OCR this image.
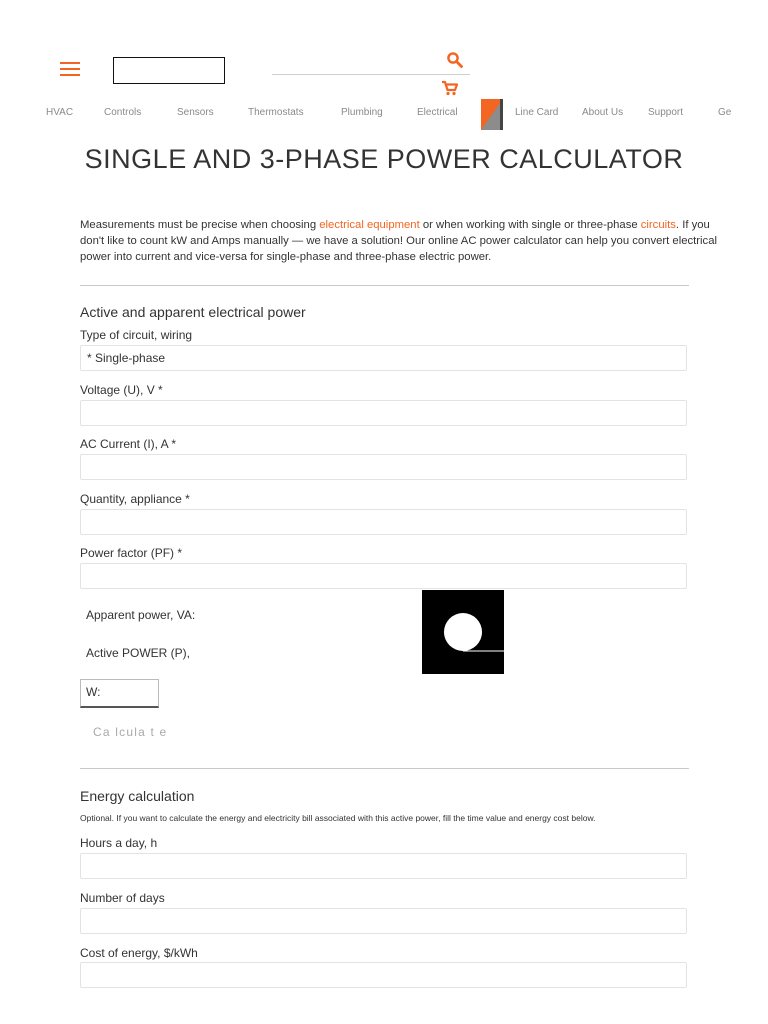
HVAC	Controls	Sensors	Thermostats	Plumbing	Electrical	Line Card About Us Support	Ge
SINGLE AND 3-PHASE POWER CALCULATOR
Measurements must be precise when choosing electrical equipment or when working with single or three-phase circuits. If you don't like to count kW and Amps manually — we have a solution! Our online AC power calculator can help you convert electrical power into current and vice-versa for single-phase and three-phase electric power.
Active and apparent electrical power
Type of circuit, wiring
* Single-phase
Voltage (U), V *
AC Current (I), A *
Quantity, appliance *
Power factor (PF) *
Apparent power, VA:
Active POWER (P),
W:
Ca lcula t e
Energy calculation
Optional. If you want to calculate the energy and electricity bill associated with this active power, fill the time value and energy cost below.
Hours a day, h
Number of days
Cost of energy, $/kWh
